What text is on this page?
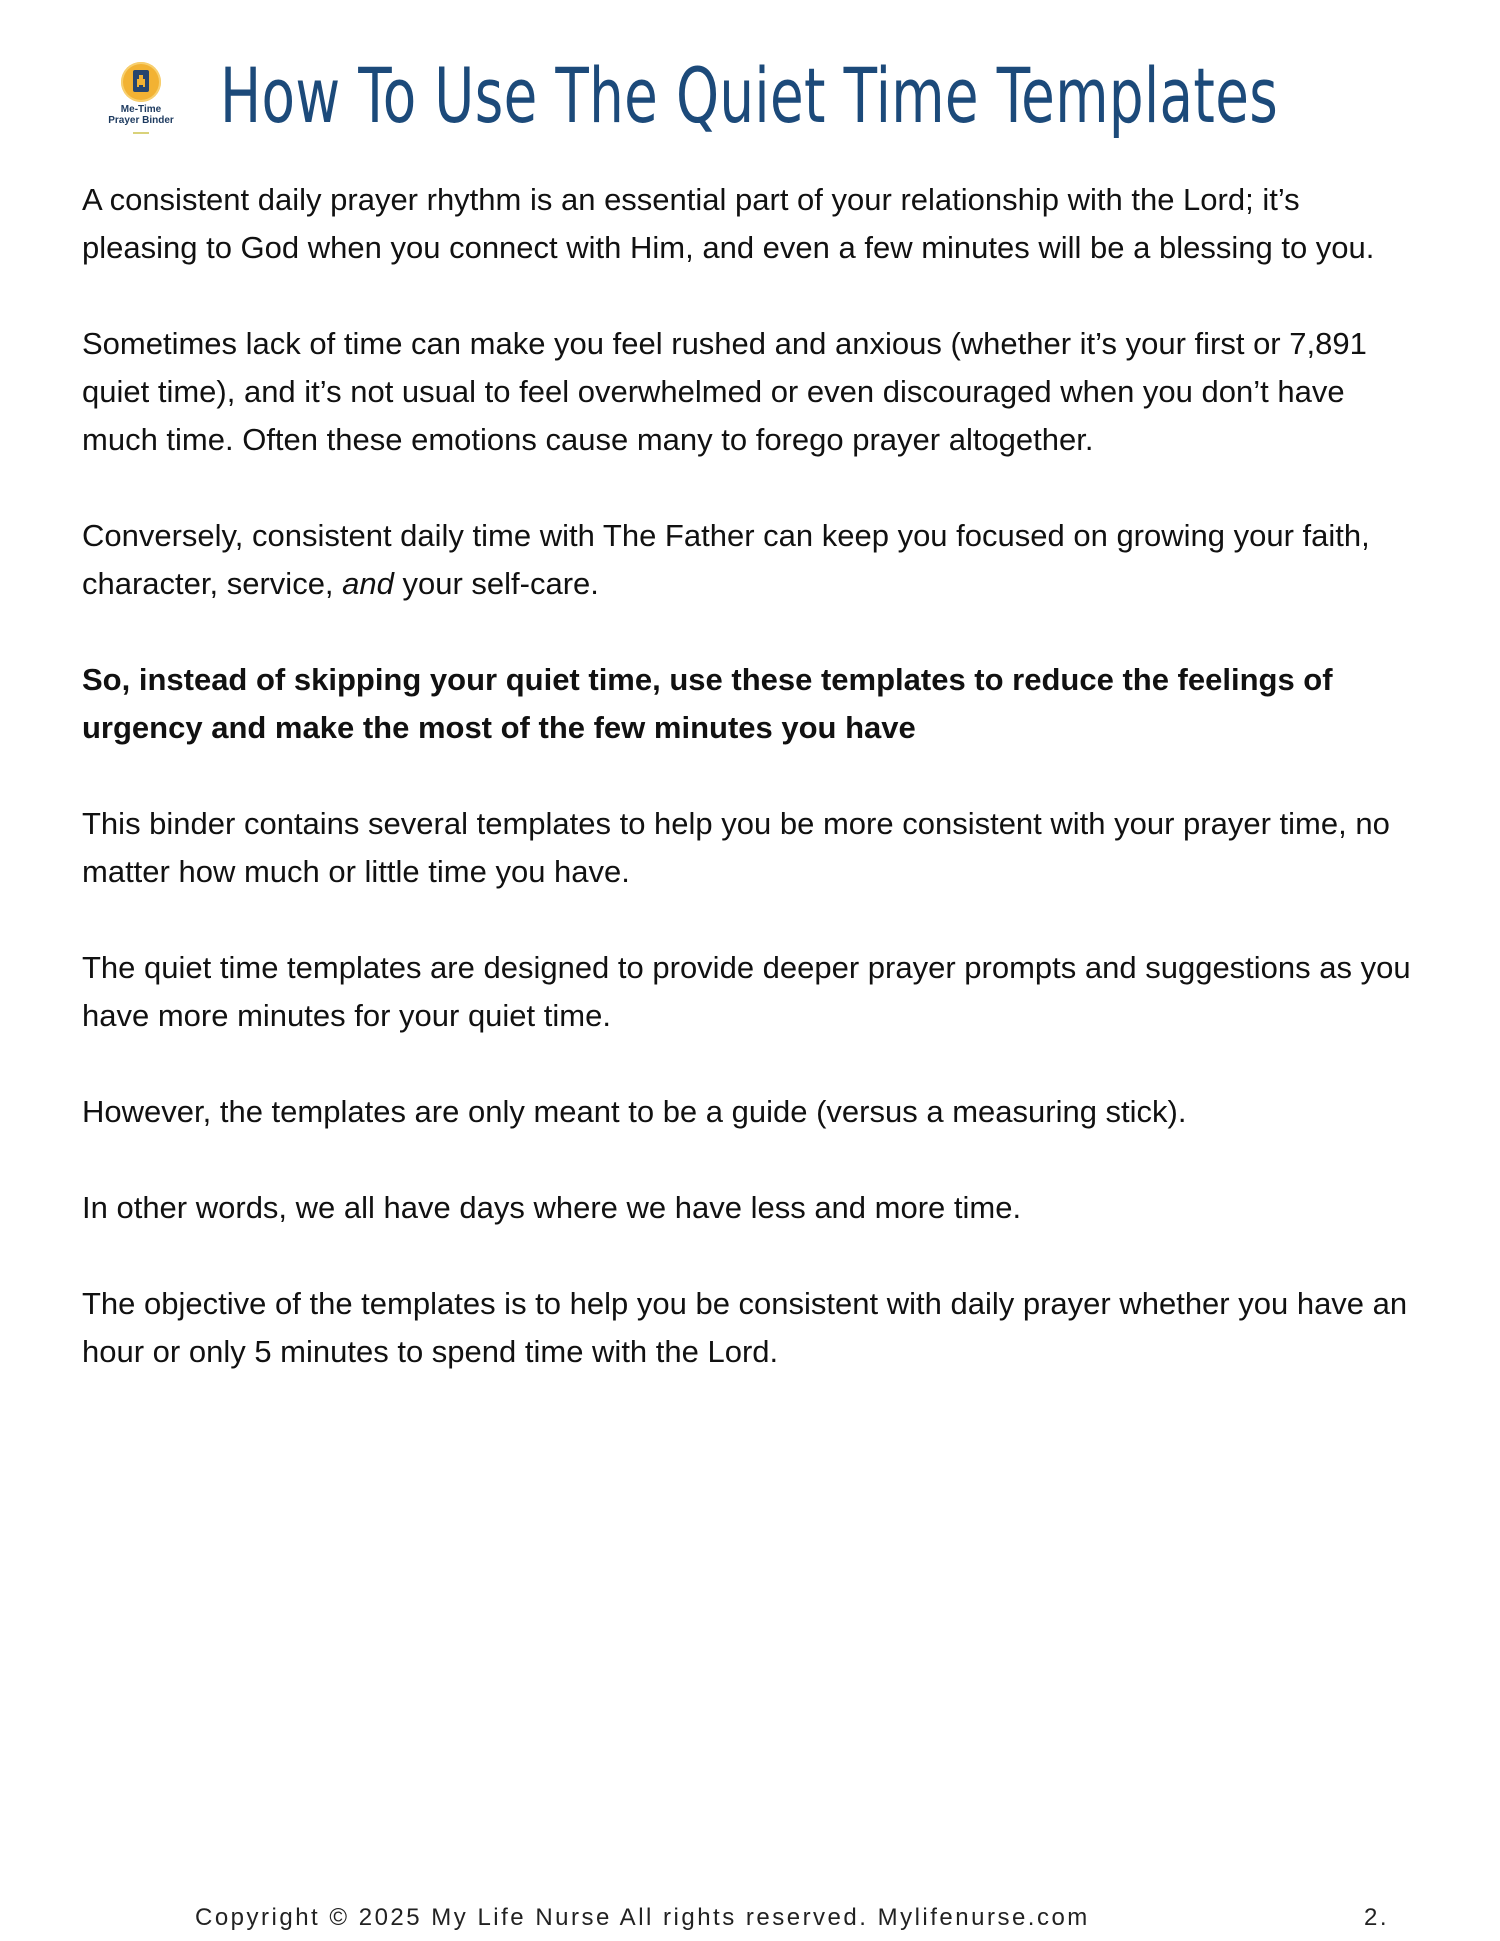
Me-Time
Prayer Binder How To Use The Quiet Time Templates

A consistent daily prayer rhythm is an essential part of your relationship with the Lord; it’s pleasing to God when you connect with Him, and even a few minutes will be a blessing to you.

Sometimes lack of time can make you feel rushed and anxious (whether it’s your first or 7,891 quiet time), and it’s not usual to feel overwhelmed or even discouraged when you don’t have much time. Often these emotions cause many to forego prayer altogether.

Conversely, consistent daily time with The Father can keep you focused on growing your faith, character, service, and your self-care.

So, instead of skipping your quiet time, use these templates to reduce the feelings of urgency and make the most of the few minutes you have

This binder contains several templates to help you be more consistent with your prayer time, no matter how much or little time you have.

The quiet time templates are designed to provide deeper prayer prompts and suggestions as you have more minutes for your quiet time.

However, the templates are only meant to be a guide (versus a measuring stick).

In other words, we all have days where we have less and more time.

The objective of the templates is to help you be consistent with daily prayer whether you have an hour or only 5 minutes to spend time with the Lord.

Copyright © 2025 My Life Nurse All rights reserved. Mylifenurse.com	2.
